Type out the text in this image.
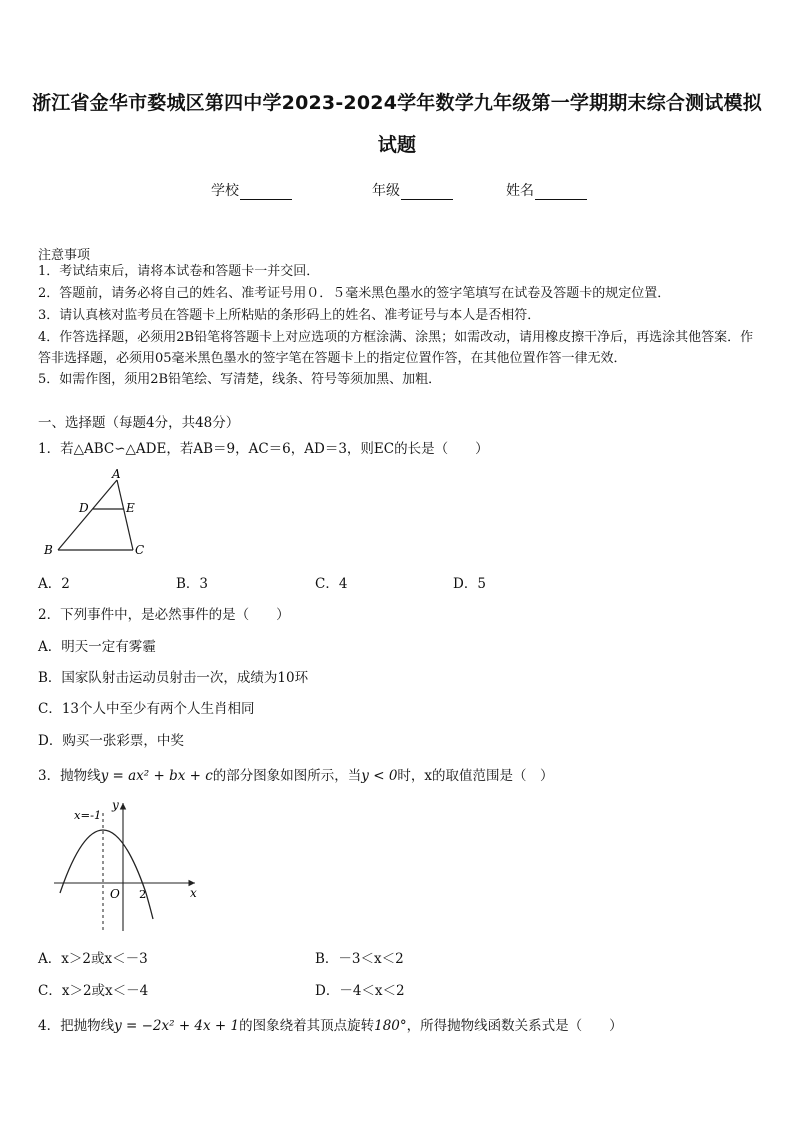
浙江省金华市婺城区第四中学2023-2024学年数学九年级第一学期期末综合测试模拟
试题
学校	年级	姓名
注意事项
1．考试结束后，请将本试卷和答题卡一并交回．
2．答题前，请务必将自己的姓名、准考证号用０．５毫米黑色墨水的签字笔填写在试卷及答题卡的规定位置．
3．请认真核对监考员在答题卡上所粘贴的条形码上的姓名、准考证号与本人是否相符．
4．作答选择题，必须用2B铅笔将答题卡上对应选项的方框涂满、涂黑；如需改动，请用橡皮擦干净后，再选涂其他答案．作答非选择题，必须用05毫米黑色墨水的签字笔在答题卡上的指定位置作答，在其他位置作答一律无效．
5．如需作图，须用2B铅笔绘、写清楚，线条、符号等须加黑、加粗．
一、选择题（每题4分，共48分）
1．若△ABC∽△ADE，若AB＝9，AC＝6，AD＝3，则EC的长是（　　）
A
D	E
B	C
A．2	B．3	C．4	D．5
2．下列事件中，是必然事件的是（　　）
A．明天一定有雾霾
B．国家队射击运动员射击一次，成绩为10环
C．13个人中至少有两个人生肖相同
D．购买一张彩票，中奖
3．抛物线y = ax² + bx + c的部分图象如图所示，当y < 0时，x的取值范围是（　）
x=-1
y
x
O 2
A．x＞2或x＜－3	B．－3＜x＜2
C．x＞2或x＜－4	D．－4＜x＜2
4．把抛物线y = −2x² + 4x + 1的图象绕着其顶点旋转180°，所得抛物线函数关系式是（　　）
